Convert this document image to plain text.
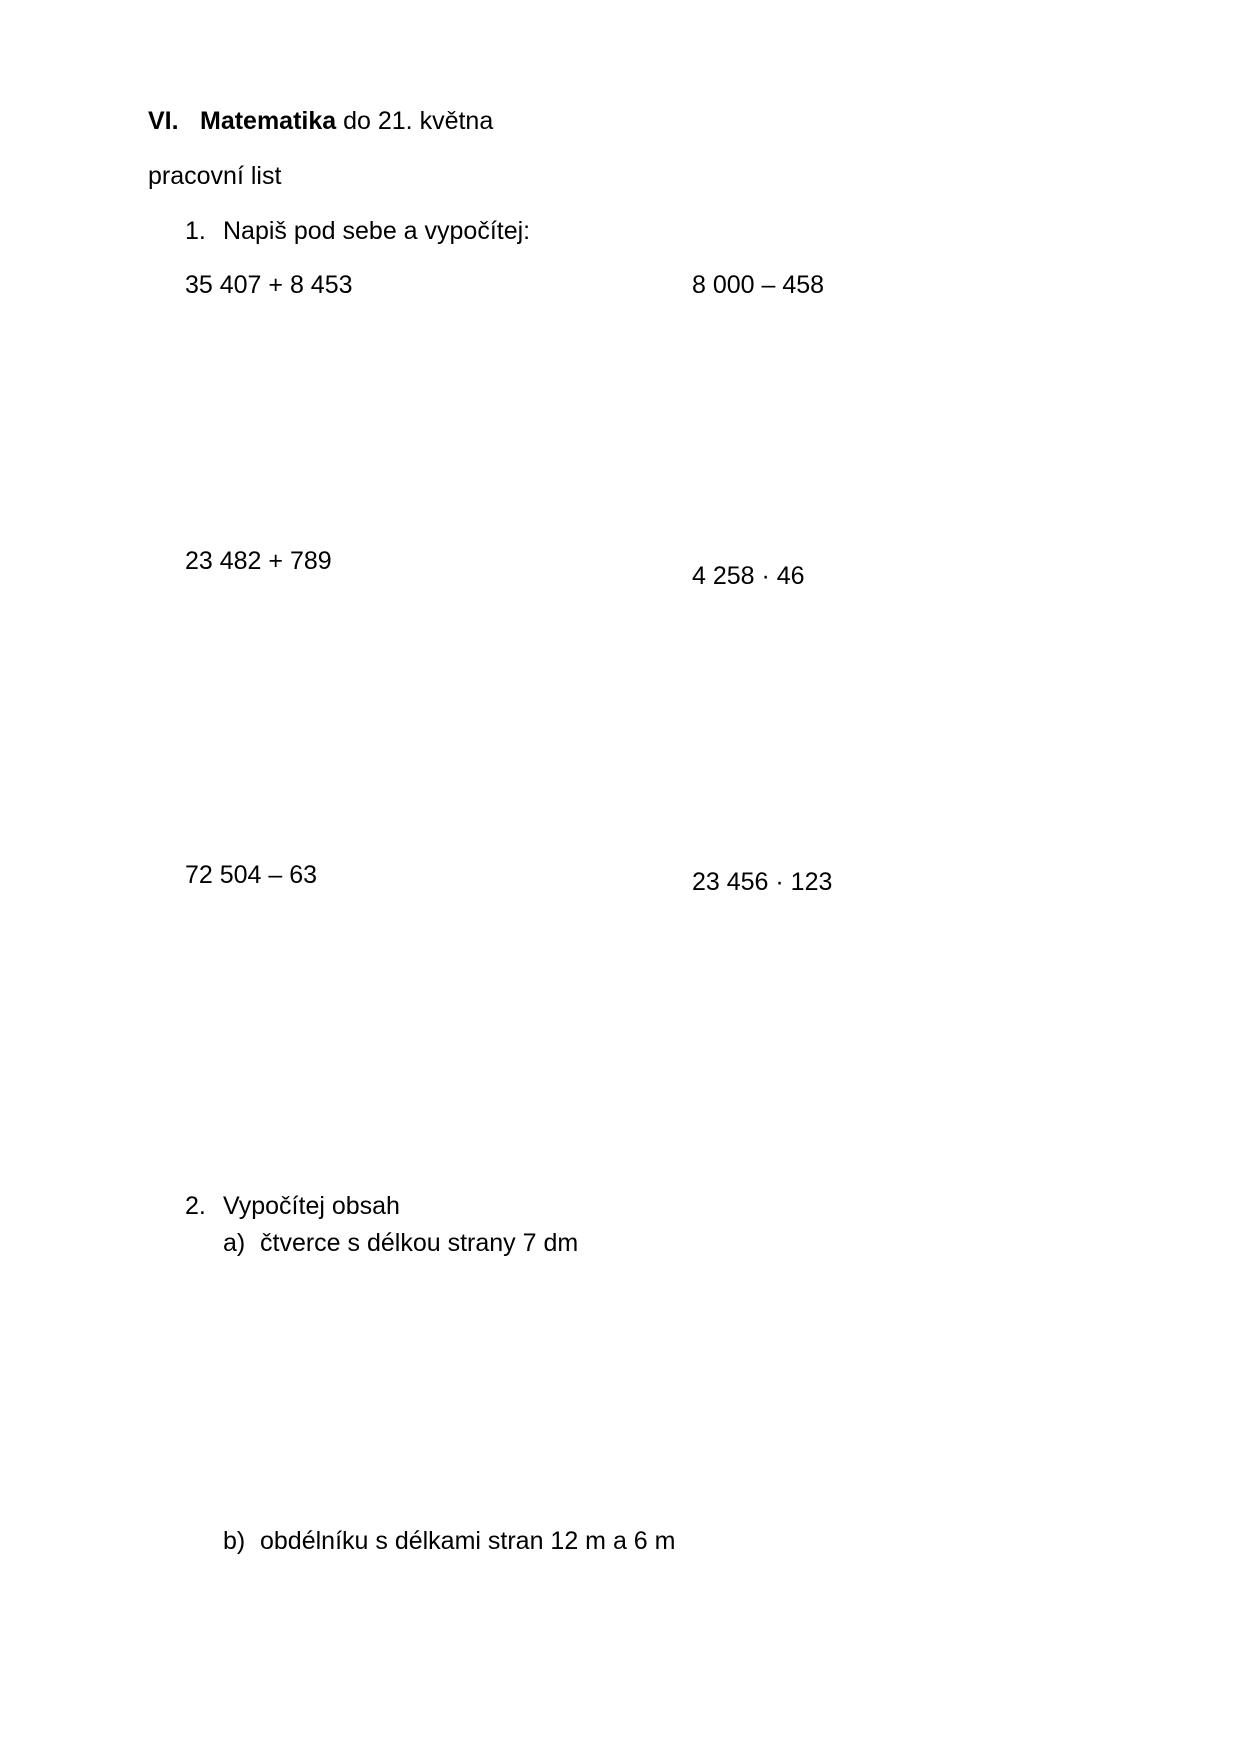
VI. Matematika do 21. května
pracovní list
1. Napiš pod sebe a vypočítej:
35 407 + 8 453	8 000 – 458
23 482 + 789
4 258 · 46
72 504 – 63	23 456 · 123
2. Vypočítej obsah
a) čtverce s délkou strany 7 dm
b) obdélníku s délkami stran 12 m a 6 m
